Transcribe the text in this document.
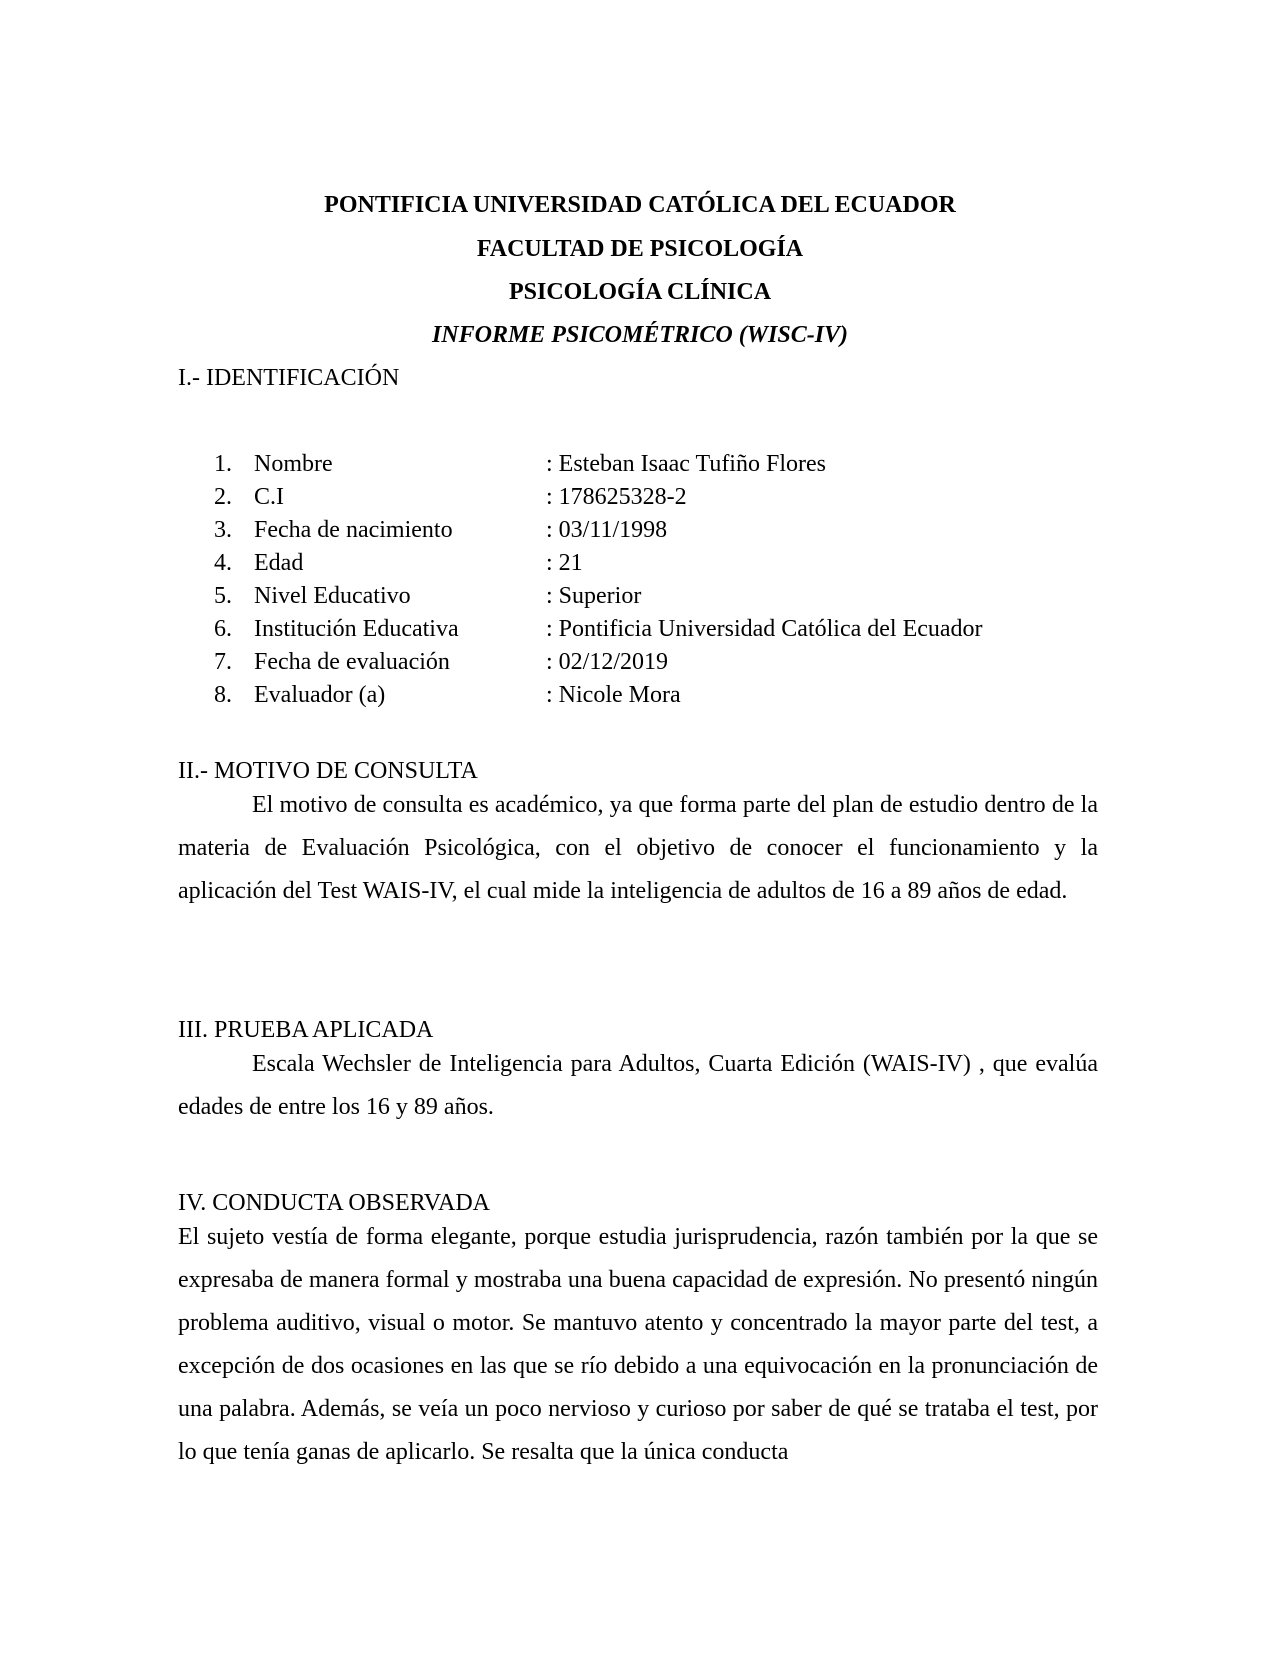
PONTIFICIA UNIVERSIDAD CATÓLICA DEL ECUADOR
FACULTAD DE PSICOLOGÍA
PSICOLOGÍA CLÍNICA
INFORME PSICOMÉTRICO (WISC-IV)
I.- IDENTIFICACIÓN
1. Nombre	: Esteban Isaac Tufiño Flores
2. C.I	: 178625328-2
3. Fecha de nacimiento	: 03/11/1998
4. Edad	: 21
5. Nivel Educativo	: Superior
6. Institución Educativa	: Pontificia Universidad Católica del Ecuador
7. Fecha de evaluación	: 02/12/2019
8. Evaluador (a)	: Nicole Mora
II.- MOTIVO DE CONSULTA

El motivo de consulta es académico, ya que forma parte del plan de estudio dentro de la materia de Evaluación Psicológica, con el objetivo de conocer el funcionamiento y la aplicación del Test WAIS-IV, el cual mide la inteligencia de adultos de 16 a 89 años de edad.

III. PRUEBA APLICADA

Escala Wechsler de Inteligencia para Adultos, Cuarta Edición (WAIS-IV) , que evalúa edades de entre los 16 y 89 años.

IV. CONDUCTA OBSERVADA

El sujeto vestía de forma elegante, porque estudia jurisprudencia, razón también por la que se expresaba de manera formal y mostraba una buena capacidad de expresión. No presentó ningún problema auditivo, visual o motor. Se mantuvo atento y concentrado la mayor parte del test, a excepción de dos ocasiones en las que se río debido a una equivocación en la pronunciación de una palabra. Además, se veía un poco nervioso y curioso por saber de qué se trataba el test, por lo que tenía ganas de aplicarlo. Se resalta que la única conducta
